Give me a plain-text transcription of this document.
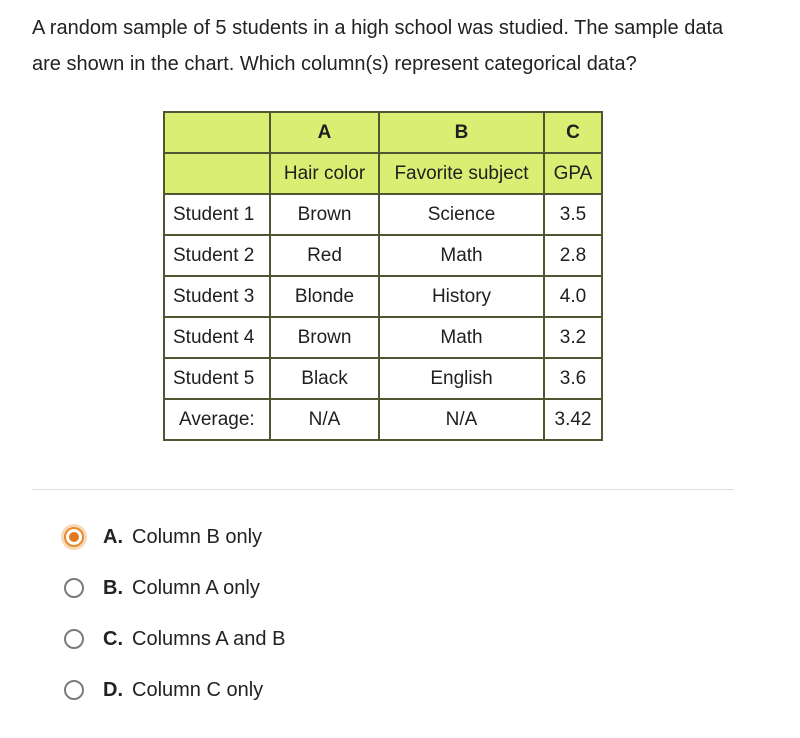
A random sample of 5 students in a high school was studied. The sample data are shown in the chart. Which column(s) represent categorical data?
	A	B	C
	Hair color	Favorite subject	GPA
Student 1	Brown	Science	3.5
Student 2	Red	Math	2.8
Student 3	Blonde	History	4.0
Student 4	Brown	Math	3.2
Student 5	Black	English	3.6
Average:	N/A	N/A	3.42
A. Column B only
B. Column A only
C. Columns A and B
D. Column C only
